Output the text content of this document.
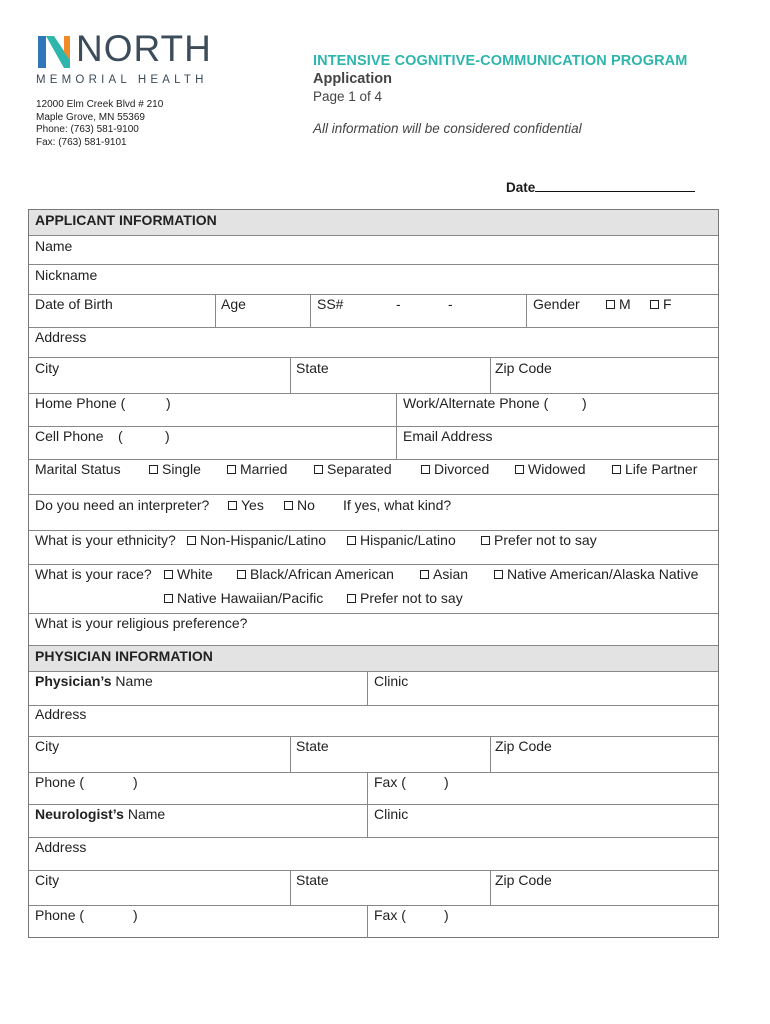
NORTH
MEMORIAL HEALTH
12000 Elm Creek Blvd # 210
Maple Grove, MN 55369
Phone: (763) 581-9100
Fax: (763) 581-9101
INTENSIVE COGNITIVE-COMMUNICATION PROGRAM
Application
Page 1 of 4
All information will be considered confidential
Date
APPLICANT INFORMATION
Name
Nickname
Date of Birth	Age	SS#	-	-	Gender	M	F
Address
City	State	Zip Code
Home Phone (	)	Work/Alternate Phone ( )
Cell Phone (	)	Email Address
Marital Status	Single	Married	Separated	Divorced	Widowed	Life Partner
Do you need an interpreter?	Yes	No If yes, what kind?
What is your ethnicity?	Non-Hispanic/Latino	Hispanic/Latino	Prefer not to say
What is your race?	White	Black/African American	Asian	Native American/Alaska Native
Native Hawaiian/Pacific	Prefer not to say
What is your religious preference?
PHYSICIAN INFORMATION
Physician’s Name	Clinic
Address
City	State	Zip Code
Phone (	)	Fax (	)
Neurologist’s Name	Clinic
Address
City	State	Zip Code
Phone (	)	Fax (	)
